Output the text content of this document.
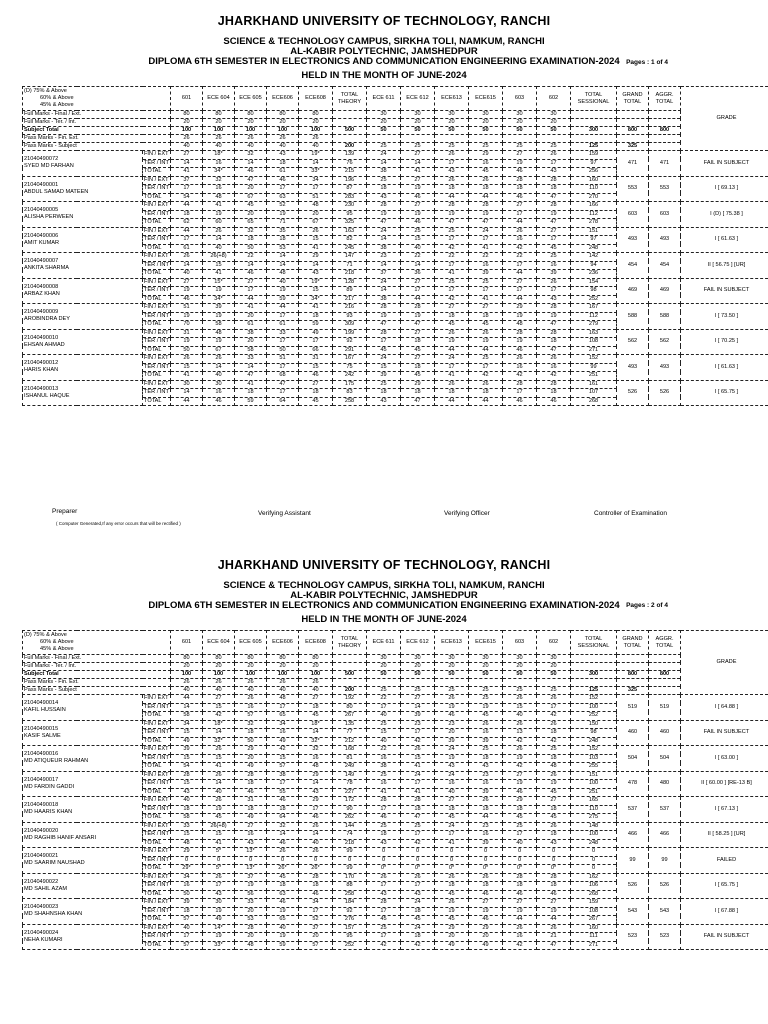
JHARKHAND UNIVERSITY OF TECHNOLOGY, RANCHI
SCIENCE & TECHNOLOGY CAMPUS, SIRKHA TOLI, NAMKUM, RANCHI
AL-KABIR POLYTECHNIC, JAMSHEDPUR
DIPLOMA 6TH SEMESTER IN ELECTRONICS AND COMMUNICATION ENGINEERING EXAMINATION-2024 Pages : 1 of 4
HELD IN THE MONTH OF JUNE-2024
(D) 75% & Above
60% & Above
45% & Above		601	ECE 604	ECE 605	ECE606	ECE608	TOTAL THEORY	ECE 611	ECE 612	ECE613	ECE615	603	602	TOTAL SESSIONAL	GRAND TOTAL	AGGR. TOTAL	GRADE
Full Marks - Final / Ext.		80	80	80	80	80		30	30	30	30	30	30				
Full Marks - Ter. / Int.		20	20	20	20	20		20	20	20	20	20	20				
Subject Total		100	100	100	100	100	500	50	50	50	50	50	50	300	800	800	
Pass Marks - Fin. Ext.		26	26	26	26	26											
Pass Marks - Subject		40	40	40	40	40	200	25	25	25	25	25	25	125	325		

21040490072
SYED MD FARHAN	FIN / EXT	27	18*	32	43	19*	139	24	27	26	29	27	26	159	471	471	FAIL IN SUBJECT
	TER / INT	14	16	14	18	14	76	14	14	17	16	19	17	97			
	TOTAL	41	34*	46	61	33*	215	38	41	43	45	46	43	256			

21040490001
ABDUL SAMAD MATEEN	FIN / EXT	37	32	47	46	34	196	25	27	26	26	28	28	160	553	553	I [ 69.13 ]
	TER / INT	17	16	20	17	17	87	18	19	18	18	18	18	110			
	TOTAL	54	48	67	63	51	283	43	46	44	44	46	47	270			

21040490005
ALISHA PERWEEN	FIN / EXT	44	41	45	52	48	230	28	27	28	28	27	28	166	603	603	I (D) [ 75.38 ]
	TER / INT	18	19	20	19	20	95	19	19	19	19	17	19	112			
	TOTAL	62	60	65	71	67	325	47	46	47	47	44	47	278			

21040490006
AMIT KUMAR	FIN / EXT	44	26	32	35	26	163	24	25	25	24	26	27	151	493	493	I [ 61.63 ]
	TER / INT	17	14	18	18	15	82	14	15	17	17	16	17	97			
	TOTAL	61	40	50	53	41	245	38	40	42	41	42	45	248			

21040490007
ANKITA SHARMA	FIN / EXT	26	26(+8)	22	14	29	147	23	22	22	22	22	25	142	454	454	II [ 56.75 ] [UR]
	TER / INT	14	15	14	14	14	71	14	14	17	16	17	16	94			
	TOTAL	40	41	46	48	43	218	37	36	41	39	44	39	236			

21040490008
ARBAZ KHAN	FIN / EXT	27	15*	27	40	19*	128	24	27	25	25	27	26	154	469	469	FAIL IN SUBJECT
	TER / INT	19	19	17	19	15	89	14	17	17	17	17	17	98			
	TOTAL	46	34*	44	59	34*	217	38	44	42	41	44	43	252			

21040490009
AROBINDRA DEY	FIN / EXT	51	39	41	44	41	216	28	28	27	27	29	28	167	588	588	I [ 73.50 ]
	TER / INT	19	19	20	17	18	93	19	19	18	18	19	19	112			
	TOTAL	70	58	61	61	59	309	47	47	45	45	48	47	279			

21040490010
EHSAN AHMAD	FIN / EXT	31	48	38	33	49	199	28	27	26	26	28	28	163	562	562	I [ 70.25 ]
	TER / INT	19	19	20	17	17	92	17	18	19	19	19	18	108			
	TOTAL	50	67	58	50	66	291	45	45	44	44	46	47	271			

21040490012
HARIS KHAN	FIN / EXT	26	26	33	51	31	167	24	27	24	25	26	26	152	493	493	I [ 61.63 ]
	TER / INT	15	14	14	17	15	75	15	18	17	17	16	16	99			
	TOTAL	41	40	47	68	46	242	39	45	41	42	42	42	251			

21040490013
ISHANUL HAQUE	FIN / EXT	30	30	41	47	27	175	25	29	26	26	28	28	161	526	526	I [ 65.75 ]
	TER / INT	14	16	18	17	18	83	18	18	18	18	17	18	107			
	TOTAL	44	46	59	64	45	258	43	47	44	44	46	46	268			
Preparer	Verifying Assistant	Verifying Officer	Controller of Examination
( Computer Generated,If any error occurs that will be rectified )
JHARKHAND UNIVERSITY OF TECHNOLOGY, RANCHI
SCIENCE & TECHNOLOGY CAMPUS, SIRKHA TOLI, NAMKUM, RANCHI
AL-KABIR POLYTECHNIC, JAMSHEDPUR
DIPLOMA 6TH SEMESTER IN ELECTRONICS AND COMMUNICATION ENGINEERING EXAMINATION-2024 Pages : 2 of 4
HELD IN THE MONTH OF JUNE-2024
(D) 75% & Above
60% & Above
45% & Above		601	ECE 604	ECE 605	ECE606	ECE608	TOTAL THEORY	ECE 611	ECE 612	ECE613	ECE615	603	602	TOTAL SESSIONAL	GRAND TOTAL	AGGR. TOTAL	GRADE
Full Marks - Final / Ext.		80	80	80	80	80		30	30	30	30	30	30				
Full Marks - Ter. / Int.		20	20	20	20	20		20	20	20	20	20	20				
Subject Total		100	100	100	100	100	500	50	50	50	50	50	50	300	800	800	
Pass Marks - Fin. Ext.		26	26	26	26	26											
Pass Marks - Subject		40	40	40	40	40	200	25	25	25	25	25	25	125	325		

21040490014
KAFIL HUSSAIN	FIN / EXT	44	27	26	48	27	192	22	27	26	25	26	26	152	519	519	I [ 64.88 ]
	TER / INT	14	15	16	17	18	80	17	14	19	19	15	17	100			
	TOTAL	58	42	57	65	45	267	40	39	46	45	40	42	252			

21040490015
KASIF SALME	FIN / EXT	34	18*	32	34	18*	135	25	23	23	26	26	26	150	460	460	FAIL IN SUBJECT
	TER / INT	15	14	18	16	14	77	15	17	20	16	13	18	98			
	TOTAL	49	32*	50	49	32*	212	40	42	39	39	42	42	248			

21040490016
MD ATIQUEUR RAHMAN	FIN / EXT	39	26	29	42	32	168	22	26	24	25	26	25	152	504	504	I [ 63.00 ]
	TER / INT	15	15	20	15	16	81	16	15	19	18	19	18	103			
	TOTAL	54	41	49	57	48	249	38	41	43	43	42	48	255			

21040490017
MD FARDIN GADDI	FIN / EXT	28	26	28	38	29	149	25	24	24	23	27	26	151	478	480	II [ 60.00 ] [RE-13 B]
	TER / INT	15	14	18	17	14	78	16	17	16	16	19	19	100			
	TOTAL	43	40	46	55	43	227	41	41	40	39	46	45	251			

21040490018
MD HAARIS KHAN	FIN / EXT	40	26	31	46	29	172	28	28	27	26	29	27	165	537	537	I [ 67.13 ]
	TER / INT	18	19	18	18	17	90	17	18	18	18	18	18	110			
	TOTAL	58	45	49	64	46	262	46	47	45	44	45	45	275			

21040490020
MD RAGHIB HANIF ANSARI	FIN / EXT	33	26(+8)	27	32	26	144	25	25	24	23	25	26	148	466	466	II [ 58.25 ] [UR]
	TER / INT	15	15	16	14	14	74	18	17	17	16	17	18	100			
	TOTAL	48	41	43	46	40	218	43	42	41	39	40	43	248			

21040490021
MD SAARIM NAUSHAD	FIN / EXT	29	5*	13*	26	26	99	0	0	0	0	0	0	0	99	99	FAILED
	TER / INT	0	0	0	0	0	0	0	0	0	0	0	0	0			
	TOTAL	29*	5*	13*	26*	26*	99	0*	0*	0*	0*	0*	0*	0			

21040490022
MD SAHIL AZAM	FIN / EXT	34	26	37	45	28	170	26	26	26	26	28	28	162	526	526	I [ 65.75 ]
	TER / INT	16	17	19	18	18	88	17	17	18	18	18	18	106			
	TOTAL	50	43	56	63	46	258	43	43	45	46	46	46	268			

21040490023
MD SHAHNSHA KHAN	FIN / EXT	39	30	33	46	34	184	28	24	26	27	27	27	159	543	543	I [ 67.88 ]
	TER / INT	18	19	20	19	17	92	17	18	19	19	19	19	108			
	TOTAL	57	49	53	65	52	276	45	45	45	46	44	44	267			

21040490024
NEHA KUMARI	FIN / EXT	40	14*	28	40	37	157	25	24	29	29	26	26	160	523	523	FAIL IN SUBJECT
	TER / INT	17	19	20	19	20	95	17	18	20	20	16	21	111			
	TOTAL	57	33*	48	59	57	252	42	42	49	49	42	47	271			
